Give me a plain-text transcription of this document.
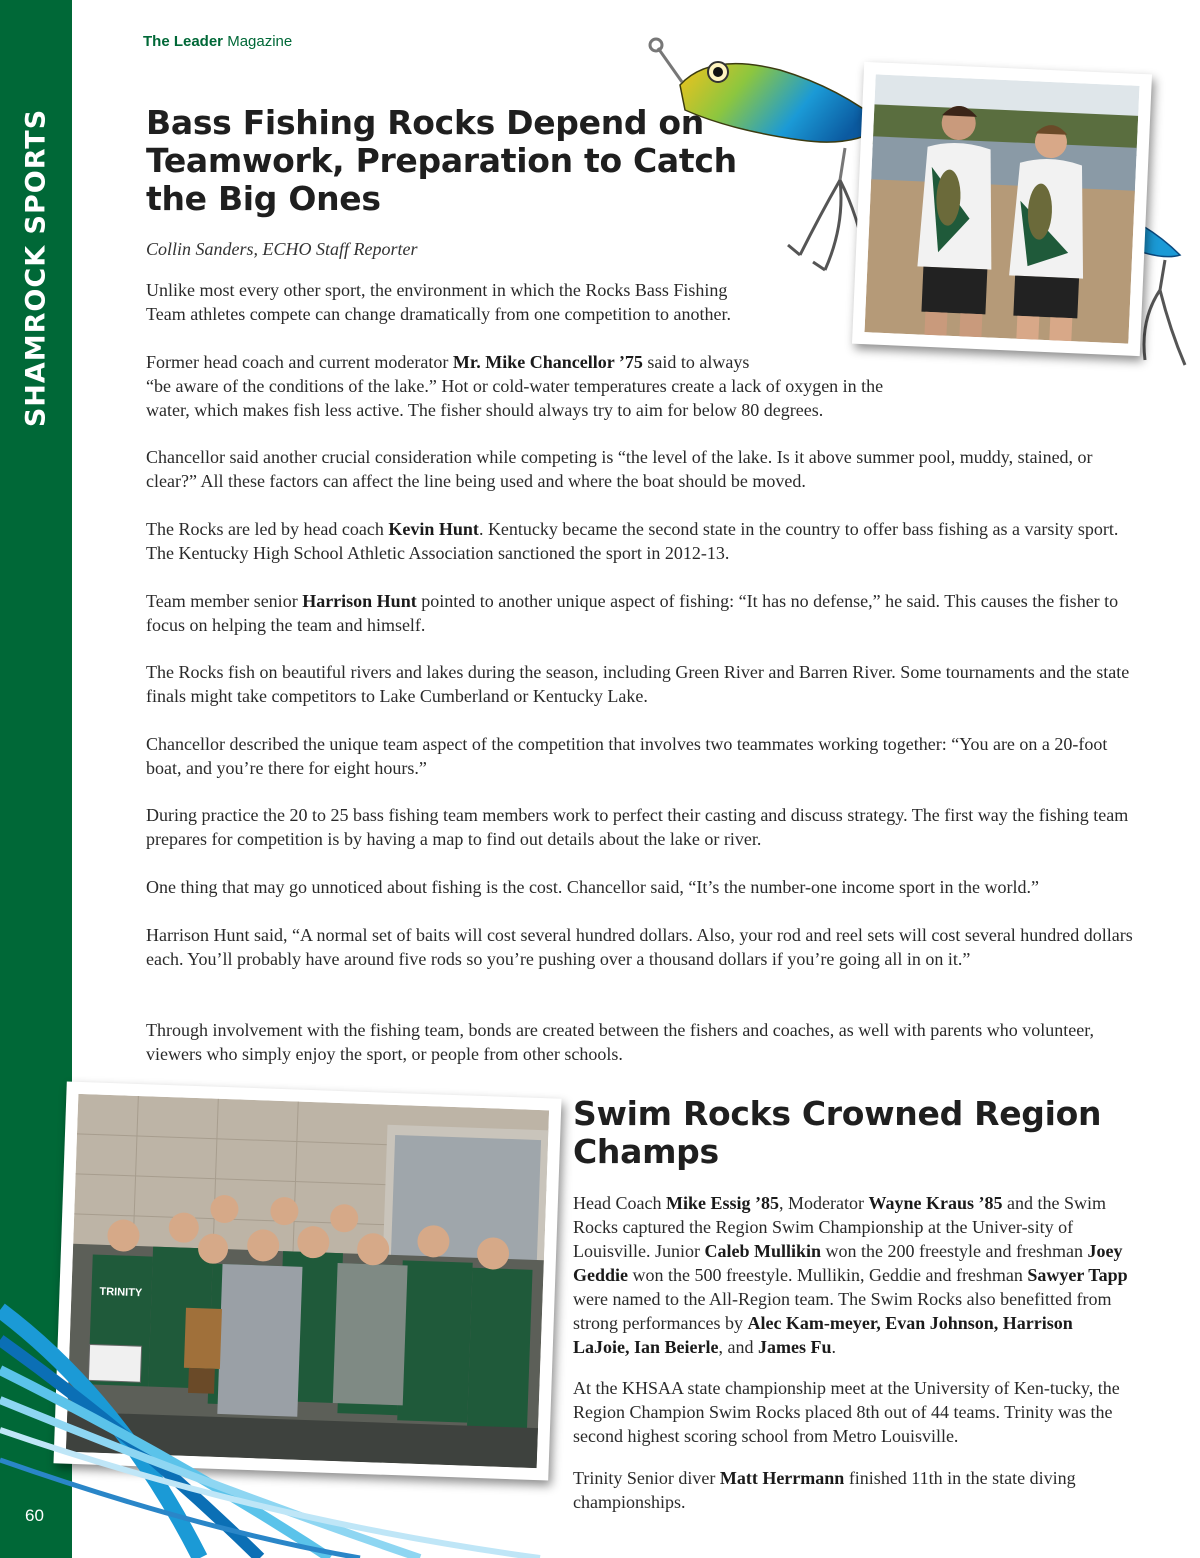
SHAMROCK SPORTS
60
The Leader Magazine
Bass Fishing Rocks Depend on Teamwork, Preparation to Catch the Big Ones
Collin Sanders, ECHO Staff Reporter
Unlike most every other sport, the environment in which the Rocks Bass Fishing
Team athletes compete can change dramatically from one competition to another.
Former head coach and current moderator Mr. Mike Chancellor ’75 said to always
“be aware of the conditions of the lake.” Hot or cold-water temperatures create a lack of oxygen in the
water, which makes fish less active. The fisher should always try to aim for below 80 degrees.
Chancellor said another crucial consideration while competing is “the level of the lake. Is it above summer pool, muddy, stained, or clear?” All these factors can affect the line being used and where the boat should be moved.
The Rocks are led by head coach Kevin Hunt. Kentucky became the second state in the country to offer bass fishing as a varsity sport. The Kentucky High School Athletic Association sanctioned the sport in 2012-13.
Team member senior Harrison Hunt pointed to another unique aspect of fishing: “It has no defense,” he said. This causes the fisher to focus on helping the team and himself.
The Rocks fish on beautiful rivers and lakes during the season, including Green River and Barren River. Some tournaments and the state finals might take competitors to Lake Cumberland or Kentucky Lake.
Chancellor described the unique team aspect of the competition that involves two teammates working together: “You are on a 20-foot boat, and you’re there for eight hours.”
During practice the 20 to 25 bass fishing team members work to perfect their casting and discuss strategy. The first way the fishing team prepares for competition is by having a map to find out details about the lake or river.
One thing that may go unnoticed about fishing is the cost. Chancellor said, “It’s the number-one income sport in the world.”
Harrison Hunt said, “A normal set of baits will cost several hundred dollars. Also, your rod and reel sets will cost several hundred dollars each. You’ll probably have around five rods so you’re pushing over a thousand dollars if you’re going all in on it.”
Through involvement with the fishing team, bonds are created between the fishers and coaches, as well with parents who volunteer, viewers who simply enjoy the sport, or people from other schools.
TRINITY
Swim Rocks Crowned Region Champs
Head Coach Mike Essig ’85, Moderator Wayne Kraus ’85 and the Swim Rocks captured the Region Swim Championship at the Univer-sity of Louisville. Junior Caleb Mullikin won the 200 freestyle and freshman Joey Geddie won the 500 freestyle. Mullikin, Geddie and freshman Sawyer Tapp were named to the All-Region team. The Swim Rocks also benefitted from strong performances by Alec Kam-meyer, Evan Johnson, Harrison LaJoie, Ian Beierle, and James Fu.
At the KHSAA state championship meet at the University of Ken-tucky, the Region Champion Swim Rocks placed 8th out of 44 teams. Trinity was the second highest scoring school from Metro Louisville.
Trinity Senior diver Matt Herrmann finished 11th in the state diving championships.
